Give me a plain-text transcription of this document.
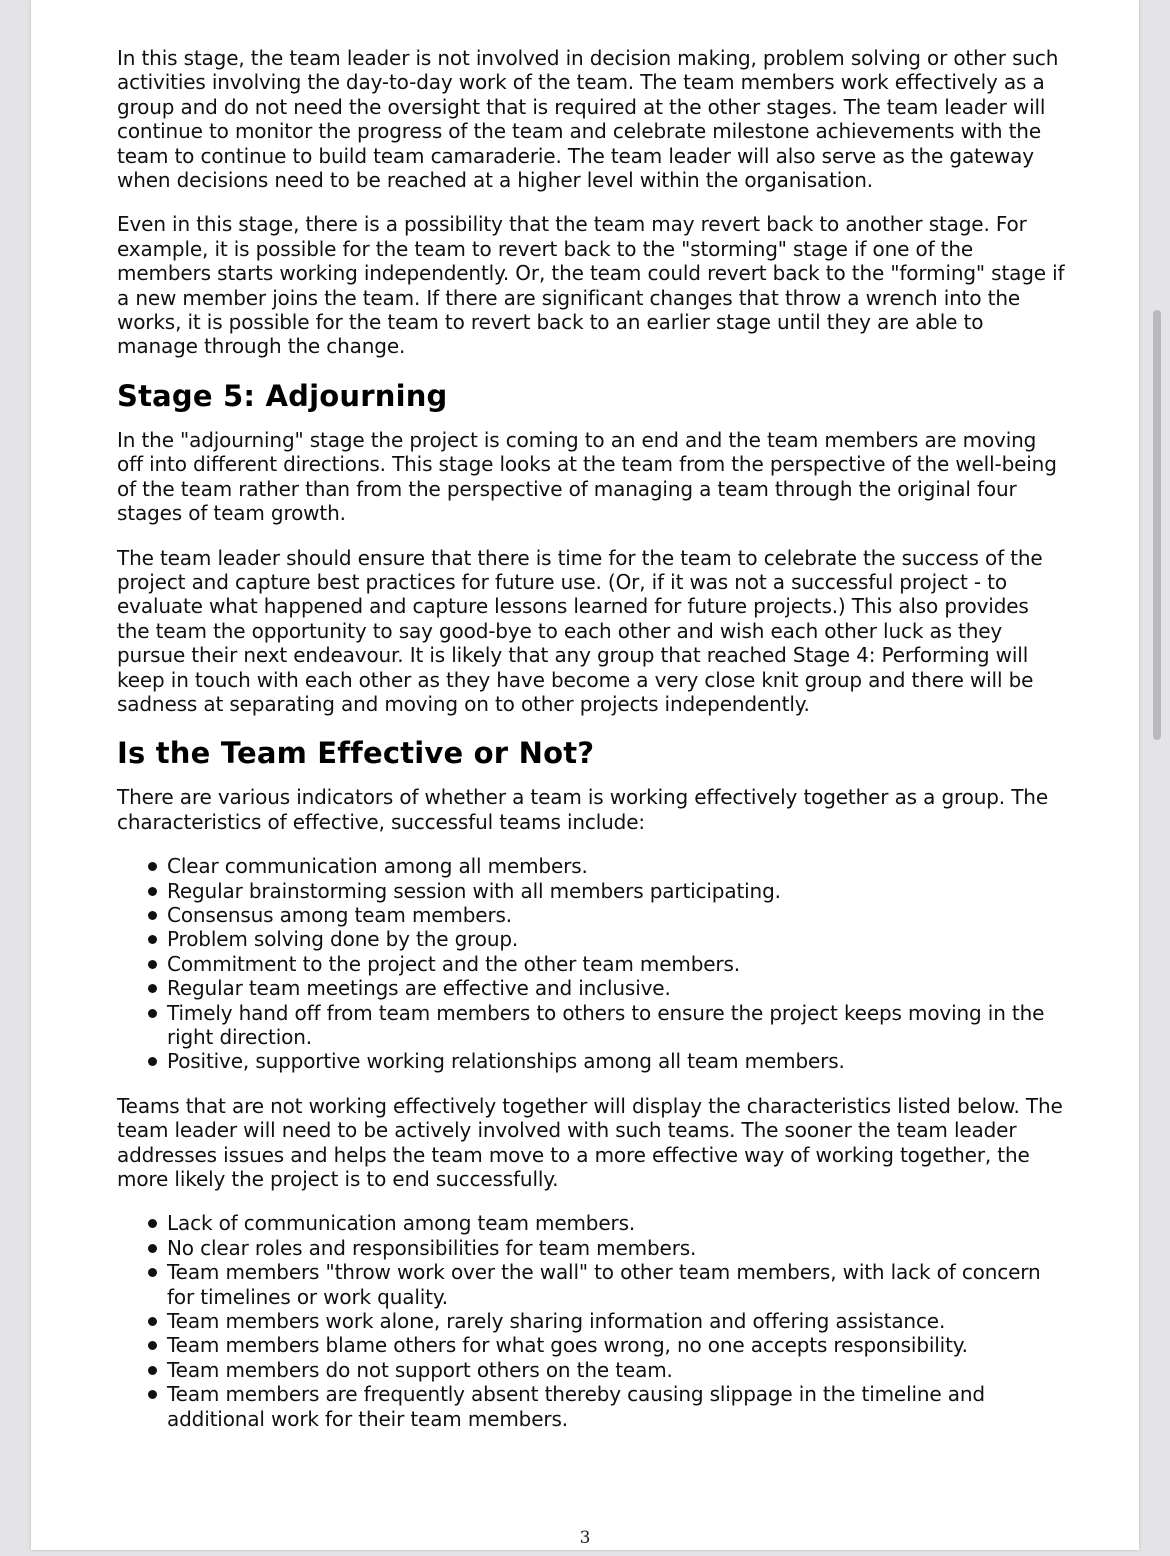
In this stage, the team leader is not involved in decision making, problem solving or other such activities involving the day-to-day work of the team. The team members work effectively as a group and do not need the oversight that is required at the other stages. The team leader will continue to monitor the progress of the team and celebrate milestone achievements with the team to continue to build team camaraderie. The team leader will also serve as the gateway when decisions need to be reached at a higher level within the organisation.

Even in this stage, there is a possibility that the team may revert back to another stage. For example, it is possible for the team to revert back to the "storming" stage if one of the members starts working independently. Or, the team could revert back to the "forming" stage if a new member joins the team. If there are significant changes that throw a wrench into the works, it is possible for the team to revert back to an earlier stage until they are able to manage through the change.

Stage 5: Adjourning

In the "adjourning" stage the project is coming to an end and the team members are moving off into different directions. This stage looks at the team from the perspective of the well-being of the team rather than from the perspective of managing a team through the original four stages of team growth.

The team leader should ensure that there is time for the team to celebrate the success of the project and capture best practices for future use. (Or, if it was not a successful project - to evaluate what happened and capture lessons learned for future projects.) This also provides the team the opportunity to say good-bye to each other and wish each other luck as they pursue their next endeavour. It is likely that any group that reached Stage 4: Performing will keep in touch with each other as they have become a very close knit group and there will be sadness at separating and moving on to other projects independently.

Is the Team Effective or Not?

There are various indicators of whether a team is working effectively together as a group. The characteristics of effective, successful teams include:

Clear communication among all members.
Regular brainstorming session with all members participating.
Consensus among team members.
Problem solving done by the group.
Commitment to the project and the other team members.
Regular team meetings are effective and inclusive.
Timely hand off from team members to others to ensure the project keeps moving in the right direction.
Positive, supportive working relationships among all team members.

Teams that are not working effectively together will display the characteristics listed below. The team leader will need to be actively involved with such teams. The sooner the team leader addresses issues and helps the team move to a more effective way of working together, the more likely the project is to end successfully.

Lack of communication among team members.
No clear roles and responsibilities for team members.
Team members "throw work over the wall" to other team members, with lack of concern for timelines or work quality.
Team members work alone, rarely sharing information and offering assistance.
Team members blame others for what goes wrong, no one accepts responsibility.
Team members do not support others on the team.
Team members are frequently absent thereby causing slippage in the timeline and additional work for their team members.
3
